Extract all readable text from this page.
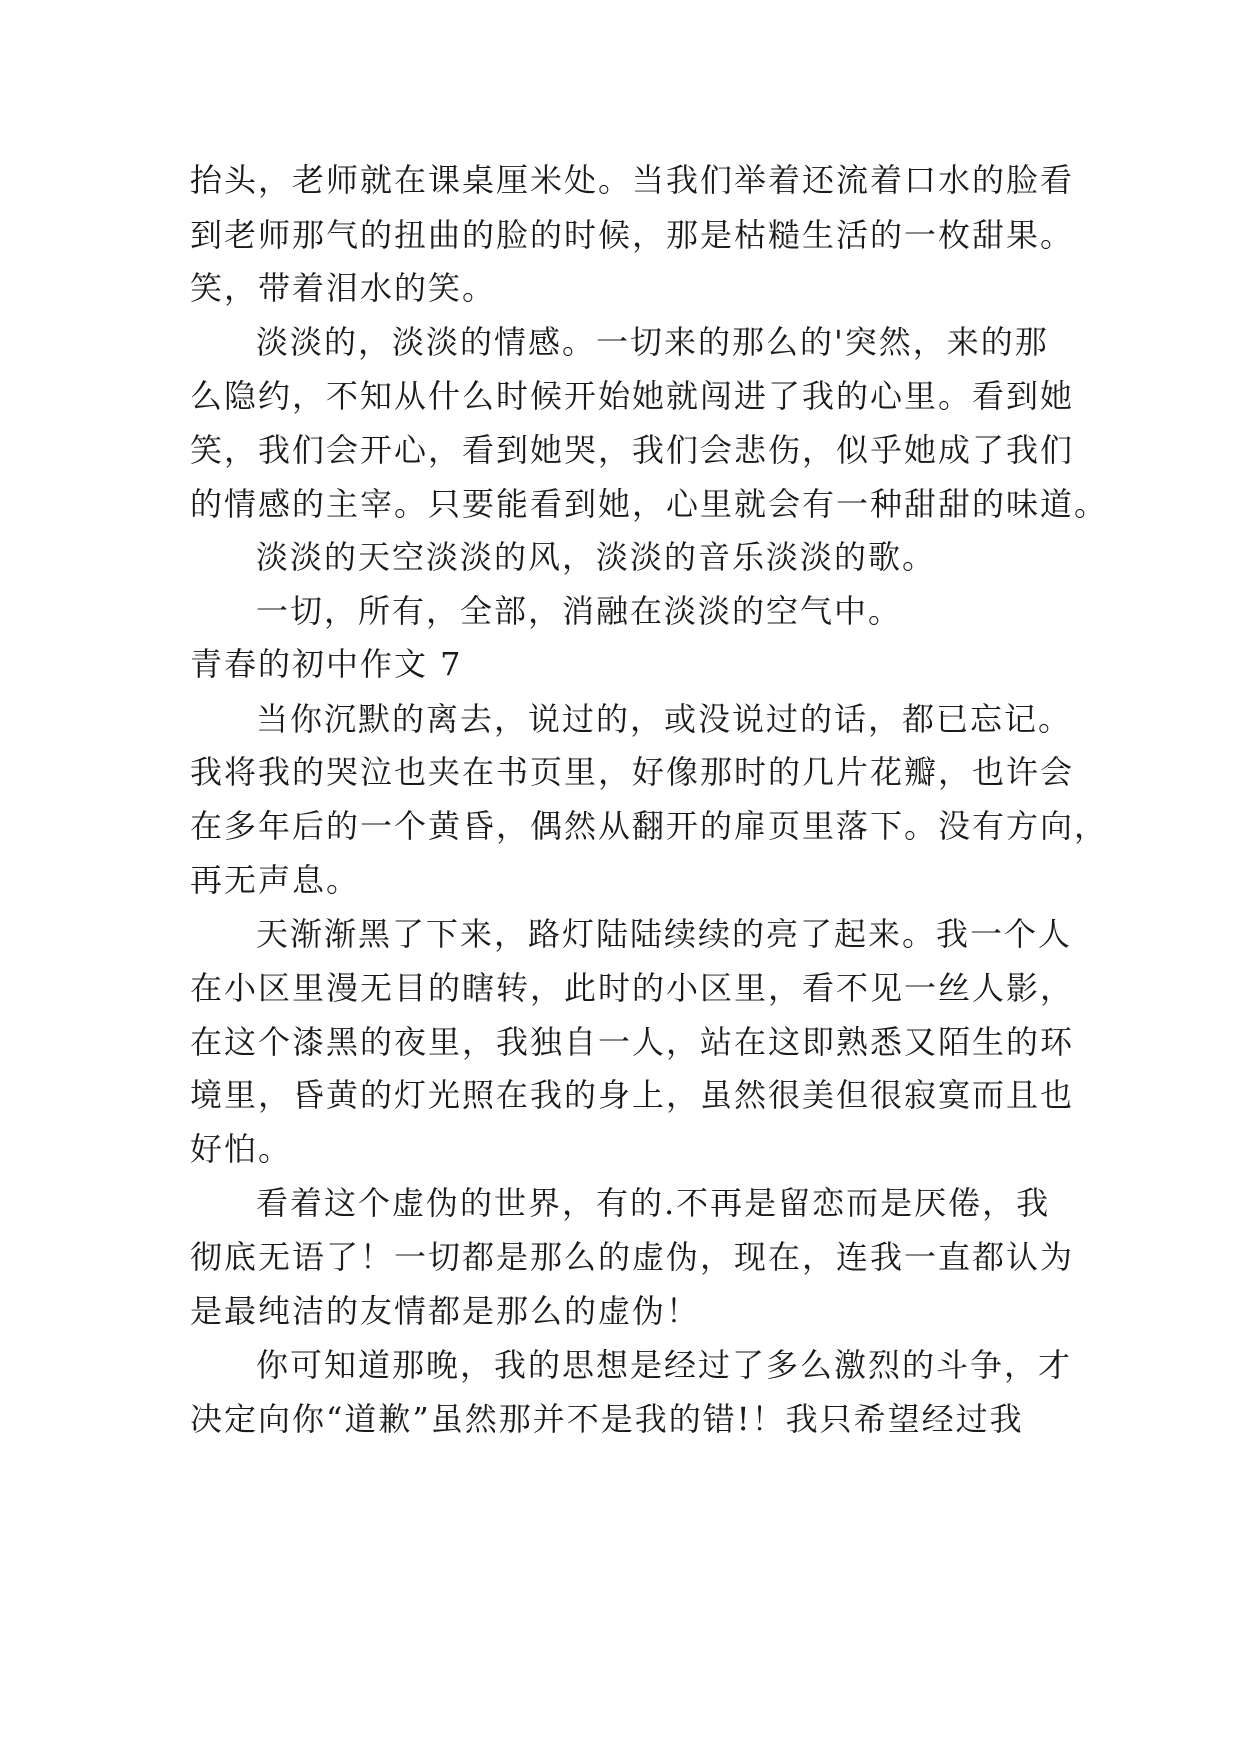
抬头，老师就在课桌厘米处。当我们举着还流着口水的脸看
到老师那气的扭曲的脸的时候，那是枯糙生活的一枚甜果。
笑，带着泪水的笑。
淡淡的，淡淡的情感。一切来的那么的'突然，来的那
么隐约，不知从什么时候开始她就闯进了我的心里。看到她
笑，我们会开心，看到她哭，我们会悲伤，似乎她成了我们
的情感的主宰。只要能看到她，心里就会有一种甜甜的味道。
淡淡的天空淡淡的风，淡淡的音乐淡淡的歌。
一切，所有，全部，消融在淡淡的空气中。
青春的初中作文 7
当你沉默的离去，说过的，或没说过的话，都已忘记。
我将我的哭泣也夹在书页里，好像那时的几片花瓣，也许会
在多年后的一个黄昏，偶然从翻开的扉页里落下。没有方向，
再无声息。
天渐渐黑了下来，路灯陆陆续续的亮了起来。我一个人
在小区里漫无目的瞎转，此时的小区里，看不见一丝人影，
在这个漆黑的夜里，我独自一人，站在这即熟悉又陌生的环
境里，昏黄的灯光照在我的身上，虽然很美但很寂寞而且也
好怕。
看着这个虚伪的世界，有的.不再是留恋而是厌倦，我
彻底无语了！一切都是那么的虚伪，现在，连我一直都认为
是最纯洁的友情都是那么的虚伪！
你可知道那晚，我的思想是经过了多么激烈的斗争，才
决定向你“道歉”虽然那并不是我的错!！我只希望经过我
